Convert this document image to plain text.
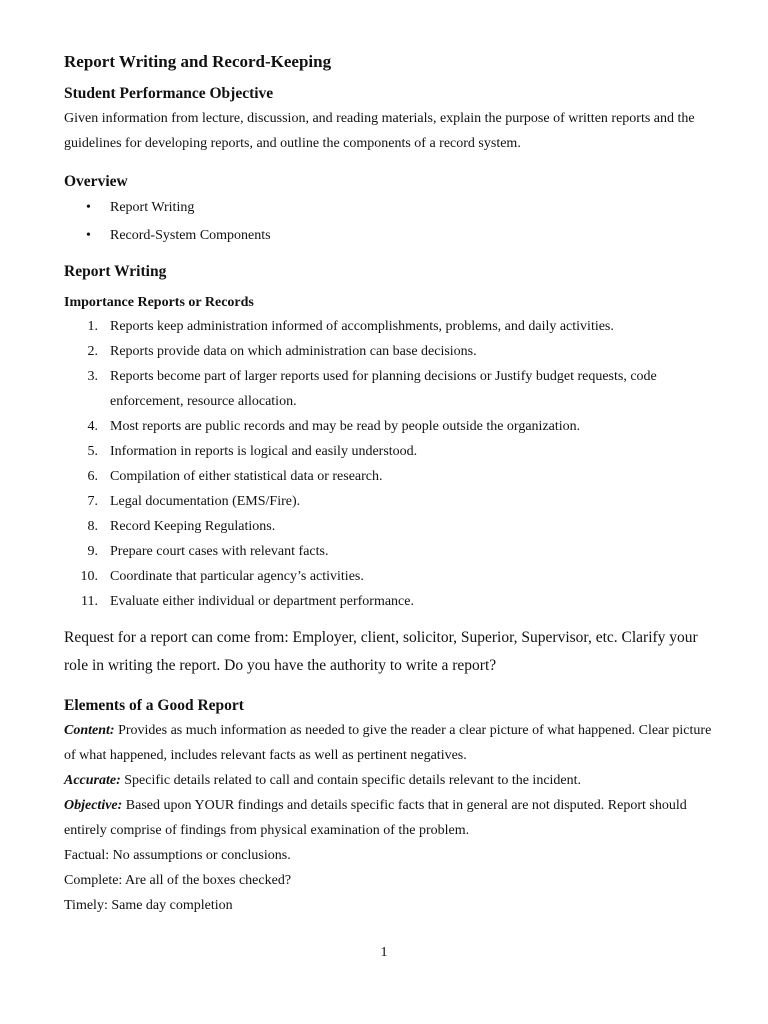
Report Writing and Record-Keeping
Student Performance Objective

Given information from lecture, discussion, and reading materials, explain the purpose of written reports and the guidelines for developing reports, and outline the components of a record system.

Overview
• Report Writing
• Record-System Components
Report Writing
Importance Reports or Records
1. Reports keep administration informed of accomplishments, problems, and daily activities.
2. Reports provide data on which administration can base decisions.
3. Reports become part of larger reports used for planning decisions or Justify budget requests, code enforcement, resource allocation.
4. Most reports are public records and may be read by people outside the organization.
5. Information in reports is logical and easily understood.
6. Compilation of either statistical data or research.
7. Legal documentation (EMS/Fire).
8. Record Keeping Regulations.
9. Prepare court cases with relevant facts.
10. Coordinate that particular agency’s activities.
11. Evaluate either individual or department performance.

Request for a report can come from: Employer, client, solicitor, Superior, Supervisor, etc. Clarify your role in writing the report. Do you have the authority to write a report?

Elements of a Good Report

Content: Provides as much information as needed to give the reader a clear picture of what happened. Clear picture of what happened, includes relevant facts as well as pertinent negatives.

Accurate: Specific details related to call and contain specific details relevant to the incident.

Objective: Based upon YOUR findings and details specific facts that in general are not disputed. Report should entirely comprise of findings from physical examination of the problem.

Factual: No assumptions or conclusions.

Complete: Are all of the boxes checked?

Timely: Same day completion

1
